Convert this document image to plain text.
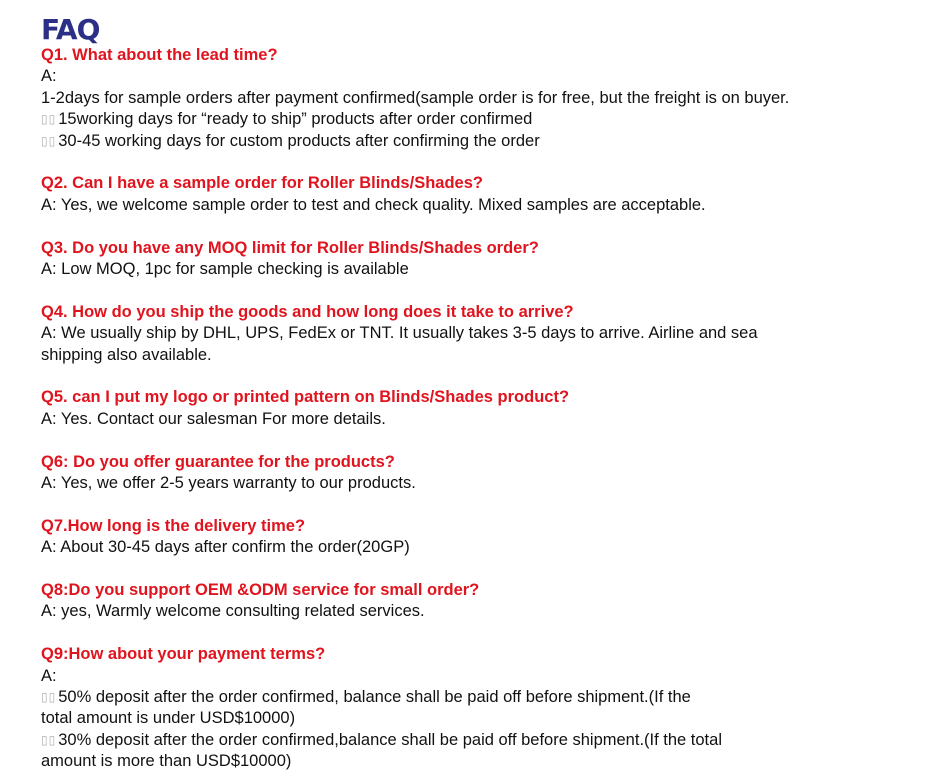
FAQ
Q1. What about the lead time?
A:
1-2days for sample orders after payment confirmed(sample order is for free, but the freight is on buyer.
▯▯ 15working days for “ready to ship” products after order confirmed
▯▯ 30-45 working days for custom products after confirming the order
Q2. Can I have a sample order for Roller Blinds/Shades?
A: Yes, we welcome sample order to test and check quality. Mixed samples are acceptable.
Q3. Do you have any MOQ limit for Roller Blinds/Shades order?
A: Low MOQ, 1pc for sample checking is available
Q4. How do you ship the goods and how long does it take to arrive?
A: We usually ship by DHL, UPS, FedEx or TNT. It usually takes 3-5 days to arrive. Airline and sea
shipping also available.
Q5. can I put my logo or printed pattern on Blinds/Shades product?
A: Yes. Contact our salesman For more details.
Q6: Do you offer guarantee for the products?
A: Yes, we offer 2-5 years warranty to our products.
Q7.How long is the delivery time?
A: About 30-45 days after confirm the order(20GP)
Q8:Do you support OEM &ODM service for small order?
A: yes, Warmly welcome consulting related services.
Q9:How about your payment terms?
A:
▯▯ 50% deposit after the order confirmed, balance shall be paid off before shipment.(If the
total amount is under USD$10000)
▯▯ 30% deposit after the order confirmed,balance shall be paid off before shipment.(If the total
amount is more than USD$10000)
